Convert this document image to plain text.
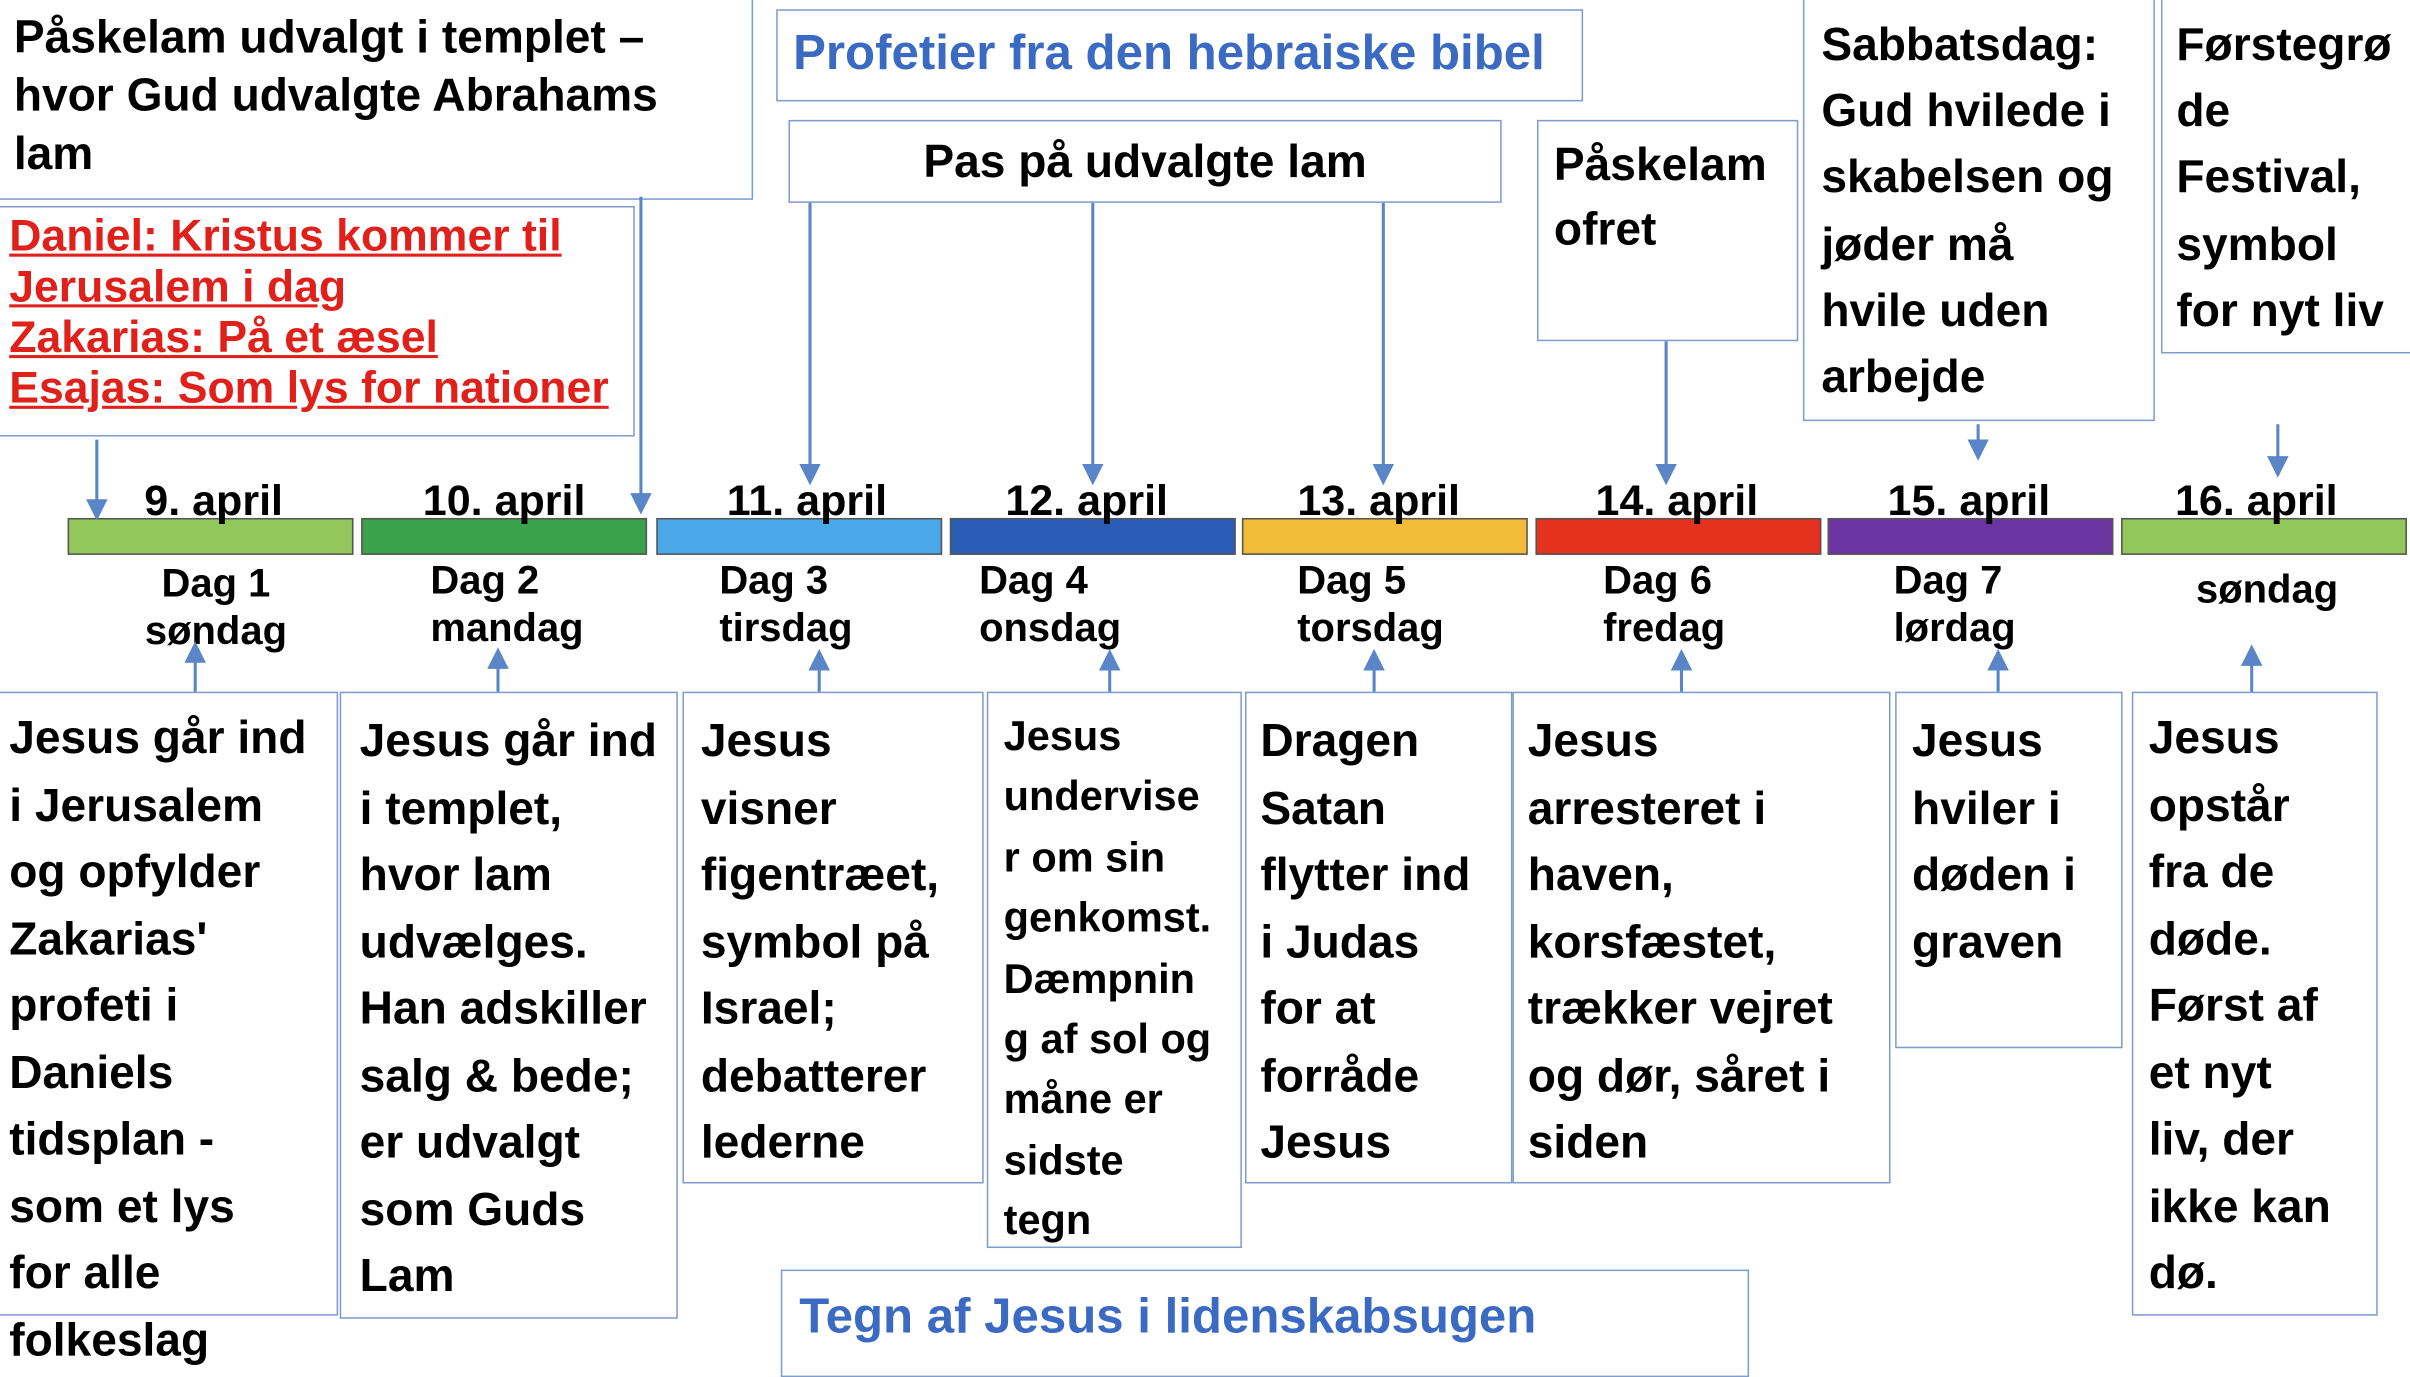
Profetier fra den hebraiske bibel
Tegn af Jesus i lidenskabsugen
Påskelam udvalgt i templet –
hvor Gud udvalgte Abrahams
lam
Daniel: Kristus kommer til
Jerusalem i dag
Zakarias: På et æsel
Esajas: Som lys for nationer
Pas på udvalgte lam	Påskelam
ofret
Sabbatsdag:
Gud hvilede i
skabelsen og
jøder må
hvile uden
arbejde
Førstegrø
de
Festival,
symbol
for nyt liv
9. april	10. april	11. april	12. april	13. april	14. april	15. april	16. april
Dag 1
søndag
Dag 2
mandag
Dag 3
tirsdag
Dag 4
onsdag
Dag 5
torsdag
Dag 6
fredag
Dag 7
lørdag
søndag
Jesus går ind
i Jerusalem
og opfylder
Zakarias'
profeti i
Daniels
tidsplan -
som et lys
for alle
folkeslag
Jesus går ind
i templet,
hvor lam
udvælges.
Han adskiller
salg & bede;
er udvalgt
som Guds
Lam
Jesus
visner
figentræet,
symbol på
Israel;
debatterer
lederne
Jesus
undervise
r om sin
genkomst.
Dæmpnin
g af sol og
måne er
sidste
tegn
Dragen
Satan
flytter ind
i Judas
for at
forråde
Jesus
Jesus
arresteret i
haven,
korsfæstet,
trækker vejret
og dør, såret i
siden
Jesus
hviler i
døden i
graven
Jesus
opstår
fra de
døde.
Først af
et nyt
liv, der
ikke kan
dø.
